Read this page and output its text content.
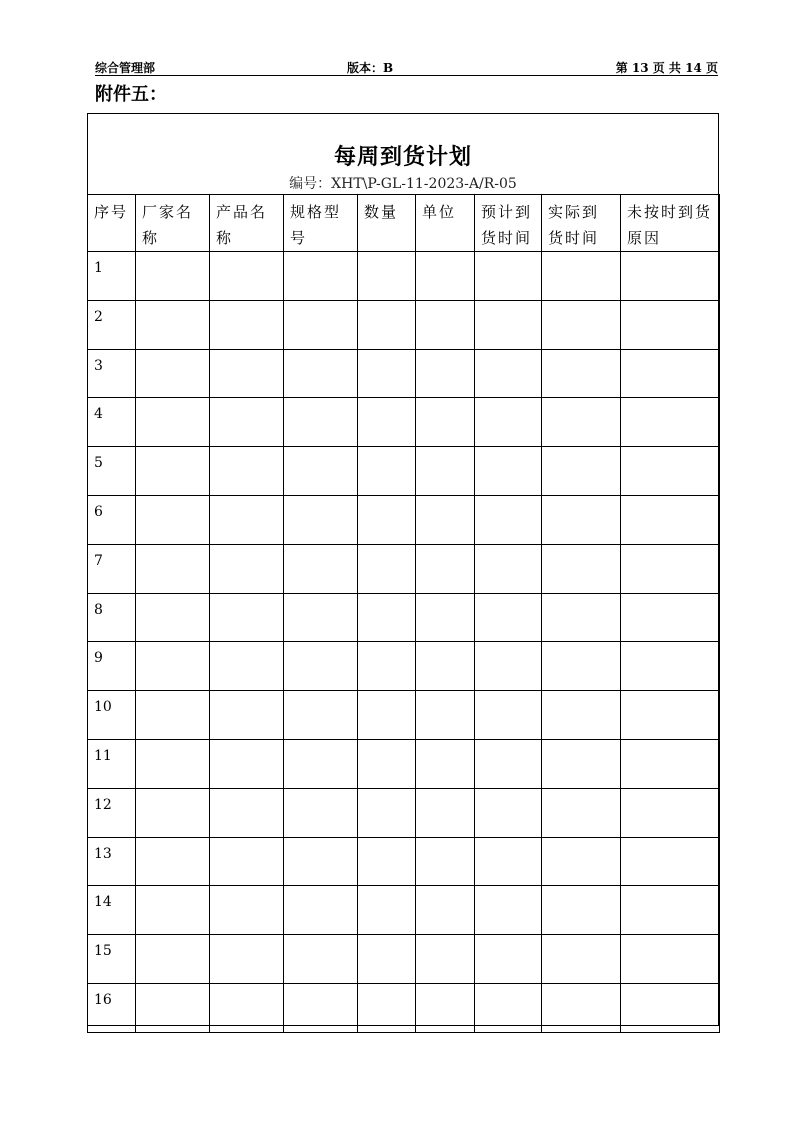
综合管理部	版本：B	第 13 页 共 14 页
附件五：
每周到货计划
编号：XHT\P-GL-11-2023-A/R-05
序号	厂家名称	产品名称	规格型号	数量	单位	预计到货时间	实际到货时间	未按时到货原因
1								
2								
3								
4								
5								
6								
7								
8								
9								
10								
11								
12								
13								
14								
15								
16								
